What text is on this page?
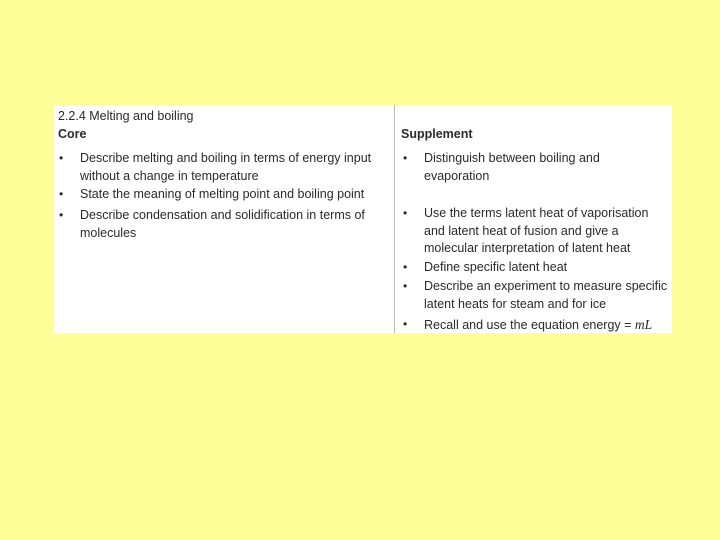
2.2.4 Melting and boiling
Core
• Describe melting and boiling in terms of energy input without a change in temperature
• State the meaning of melting point and boiling point
• Describe condensation and solidification in terms of molecules
Supplement
• Distinguish between boiling and evaporation
• Use the terms latent heat of vaporisation and latent heat of fusion and give a molecular interpretation of latent heat
• Define specific latent heat
• Describe an experiment to measure specific latent heats for steam and for ice
• Recall and use the equation energy = mL
